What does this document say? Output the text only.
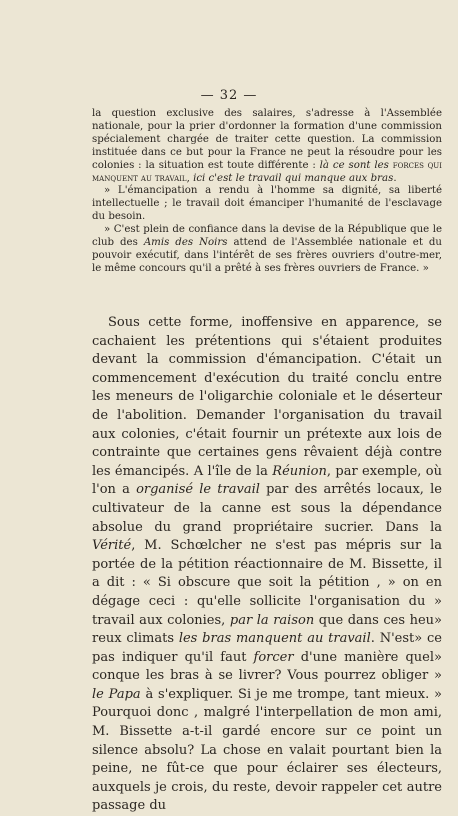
— 32 —

la question exclusive des salaires, s'adresse à l'Assemblée nationale, pour la prier d'ordonner la formation d'une commission spécialement chargée de traiter cette question. La commission instituée dans ce but pour la France ne peut la résoudre pour les colonies : la situation est toute différente : là ce sont les forces qui manquent au travail, ici c'est le travail qui manque aux bras.

» L'émancipation a rendu à l'homme sa dignité, sa liberté intellectuelle ; le travail doit émanciper l'humanité de l'esclavage du besoin.

» C'est plein de confiance dans la devise de la République que le club des Amis des Noirs attend de l'Assemblée nationale et du pouvoir exécutif, dans l'intérêt de ses frères ouvriers d'outre-mer, le même concours qu'il a prêté à ses frères ouvriers de France. »

Sous cette forme, inoffensive en apparence, se cachaient les prétentions qui s'étaient produites devant la commission d'émancipation. C'était un commencement d'exécution du traité conclu entre les meneurs de l'oligarchie coloniale et le déserteur de l'abolition. Demander l'organisation du travail aux colonies, c'était fournir un prétexte aux lois de contrainte que certaines gens rêvaient déjà contre les émancipés. A l'île de la Réunion, par exemple, où l'on a organisé le travail par des arrêtés locaux, le cultivateur de la canne est sous la dépendance absolue du grand propriétaire sucrier. Dans la Vérité, M. Schœlcher ne s'est pas mépris sur la portée de la pétition réactionnaire de M. Bissette, il a dit : « Si obscure que soit la pétition , » on en dégage ceci : qu'elle sollicite l'organisation du » travail aux colonies, par la raison que dans ces heu» reux climats les bras manquent au travail. N'est» ce pas indiquer qu'il faut forcer d'une manière quel» conque les bras à se livrer? Vous pourrez obliger » le Papa à s'expliquer. Si je me trompe, tant mieux. » Pourquoi donc , malgré l'interpellation de mon ami, M. Bissette a-t-il gardé encore sur ce point un silence absolu? La chose en valait pourtant bien la peine, ne fût-ce que pour éclairer ses électeurs, auxquels je crois, du reste, devoir rappeler cet autre passage du
